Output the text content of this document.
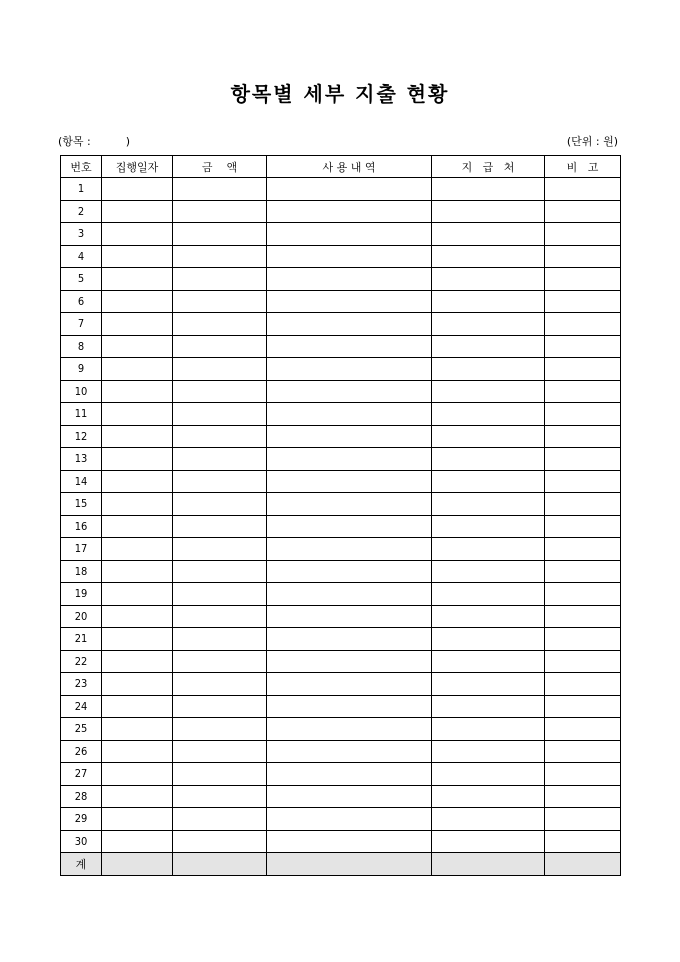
항목별 세부 지출 현황
(항목 :          )	(단위 : 원)
번호	집행일자	금    액	사 용 내 역	지   급   처	비   고
1					
2					
3					
4					
5					
6					
7					
8					
9					
10					
11					
12					
13					
14					
15					
16					
17					
18					
19					
20					
21					
22					
23					
24					
25					
26					
27					
28					
29					
30					
계					
